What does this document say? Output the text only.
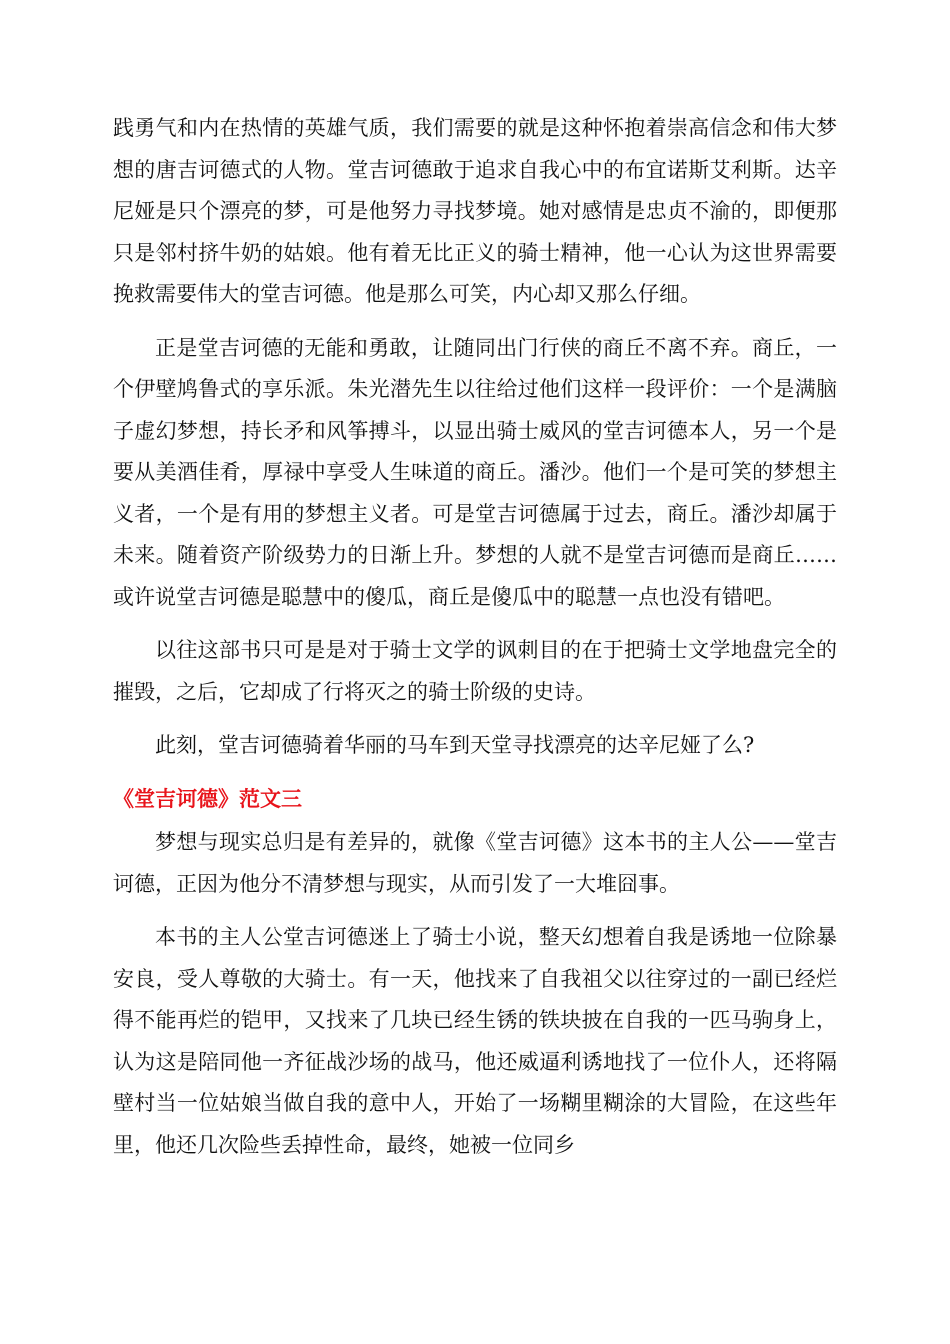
践勇气和内在热情的英雄气质，我们需要的就是这种怀抱着崇高信念和伟大梦想的唐吉诃德式的人物。堂吉诃德敢于追求自我心中的布宜诺斯艾利斯。达辛尼娅是只个漂亮的梦，可是他努力寻找梦境。她对感情是忠贞不渝的，即便那只是邻村挤牛奶的姑娘。他有着无比正义的骑士精神，他一心认为这世界需要挽救需要伟大的堂吉诃德。他是那么可笑，内心却又那么仔细。

正是堂吉诃德的无能和勇敢，让随同出门行侠的商丘不离不弃。商丘，一个伊壁鸠鲁式的享乐派。朱光潜先生以往给过他们这样一段评价：一个是满脑子虚幻梦想，持长矛和风筝搏斗，以显出骑士威风的堂吉诃德本人，另一个是要从美酒佳肴，厚禄中享受人生味道的商丘。潘沙。他们一个是可笑的梦想主义者，一个是有用的梦想主义者。可是堂吉诃德属于过去，商丘。潘沙却属于未来。随着资产阶级势力的日渐上升。梦想的人就不是堂吉诃德而是商丘……或许说堂吉诃德是聪慧中的傻瓜，商丘是傻瓜中的聪慧一点也没有错吧。

以往这部书只可是是对于骑士文学的讽刺目的在于把骑士文学地盘完全的摧毁，之后，它却成了行将灭之的骑士阶级的史诗。

此刻，堂吉诃德骑着华丽的马车到天堂寻找漂亮的达辛尼娅了么?

《堂吉诃德》范文三

梦想与现实总归是有差异的，就像《堂吉诃德》这本书的主人公——堂吉诃德，正因为他分不清梦想与现实，从而引发了一大堆囧事。

本书的主人公堂吉诃德迷上了骑士小说，整天幻想着自我是诱地一位除暴安良，受人尊敬的大骑士。有一天，他找来了自我祖父以往穿过的一副已经烂得不能再烂的铠甲，又找来了几块已经生锈的铁块披在自我的一匹马驹身上，认为这是陪同他一齐征战沙场的战马，他还威逼利诱地找了一位仆人，还将隔壁村当一位姑娘当做自我的意中人，开始了一场糊里糊涂的大冒险，在这些年里，他还几次险些丢掉性命，最终，她被一位同乡
